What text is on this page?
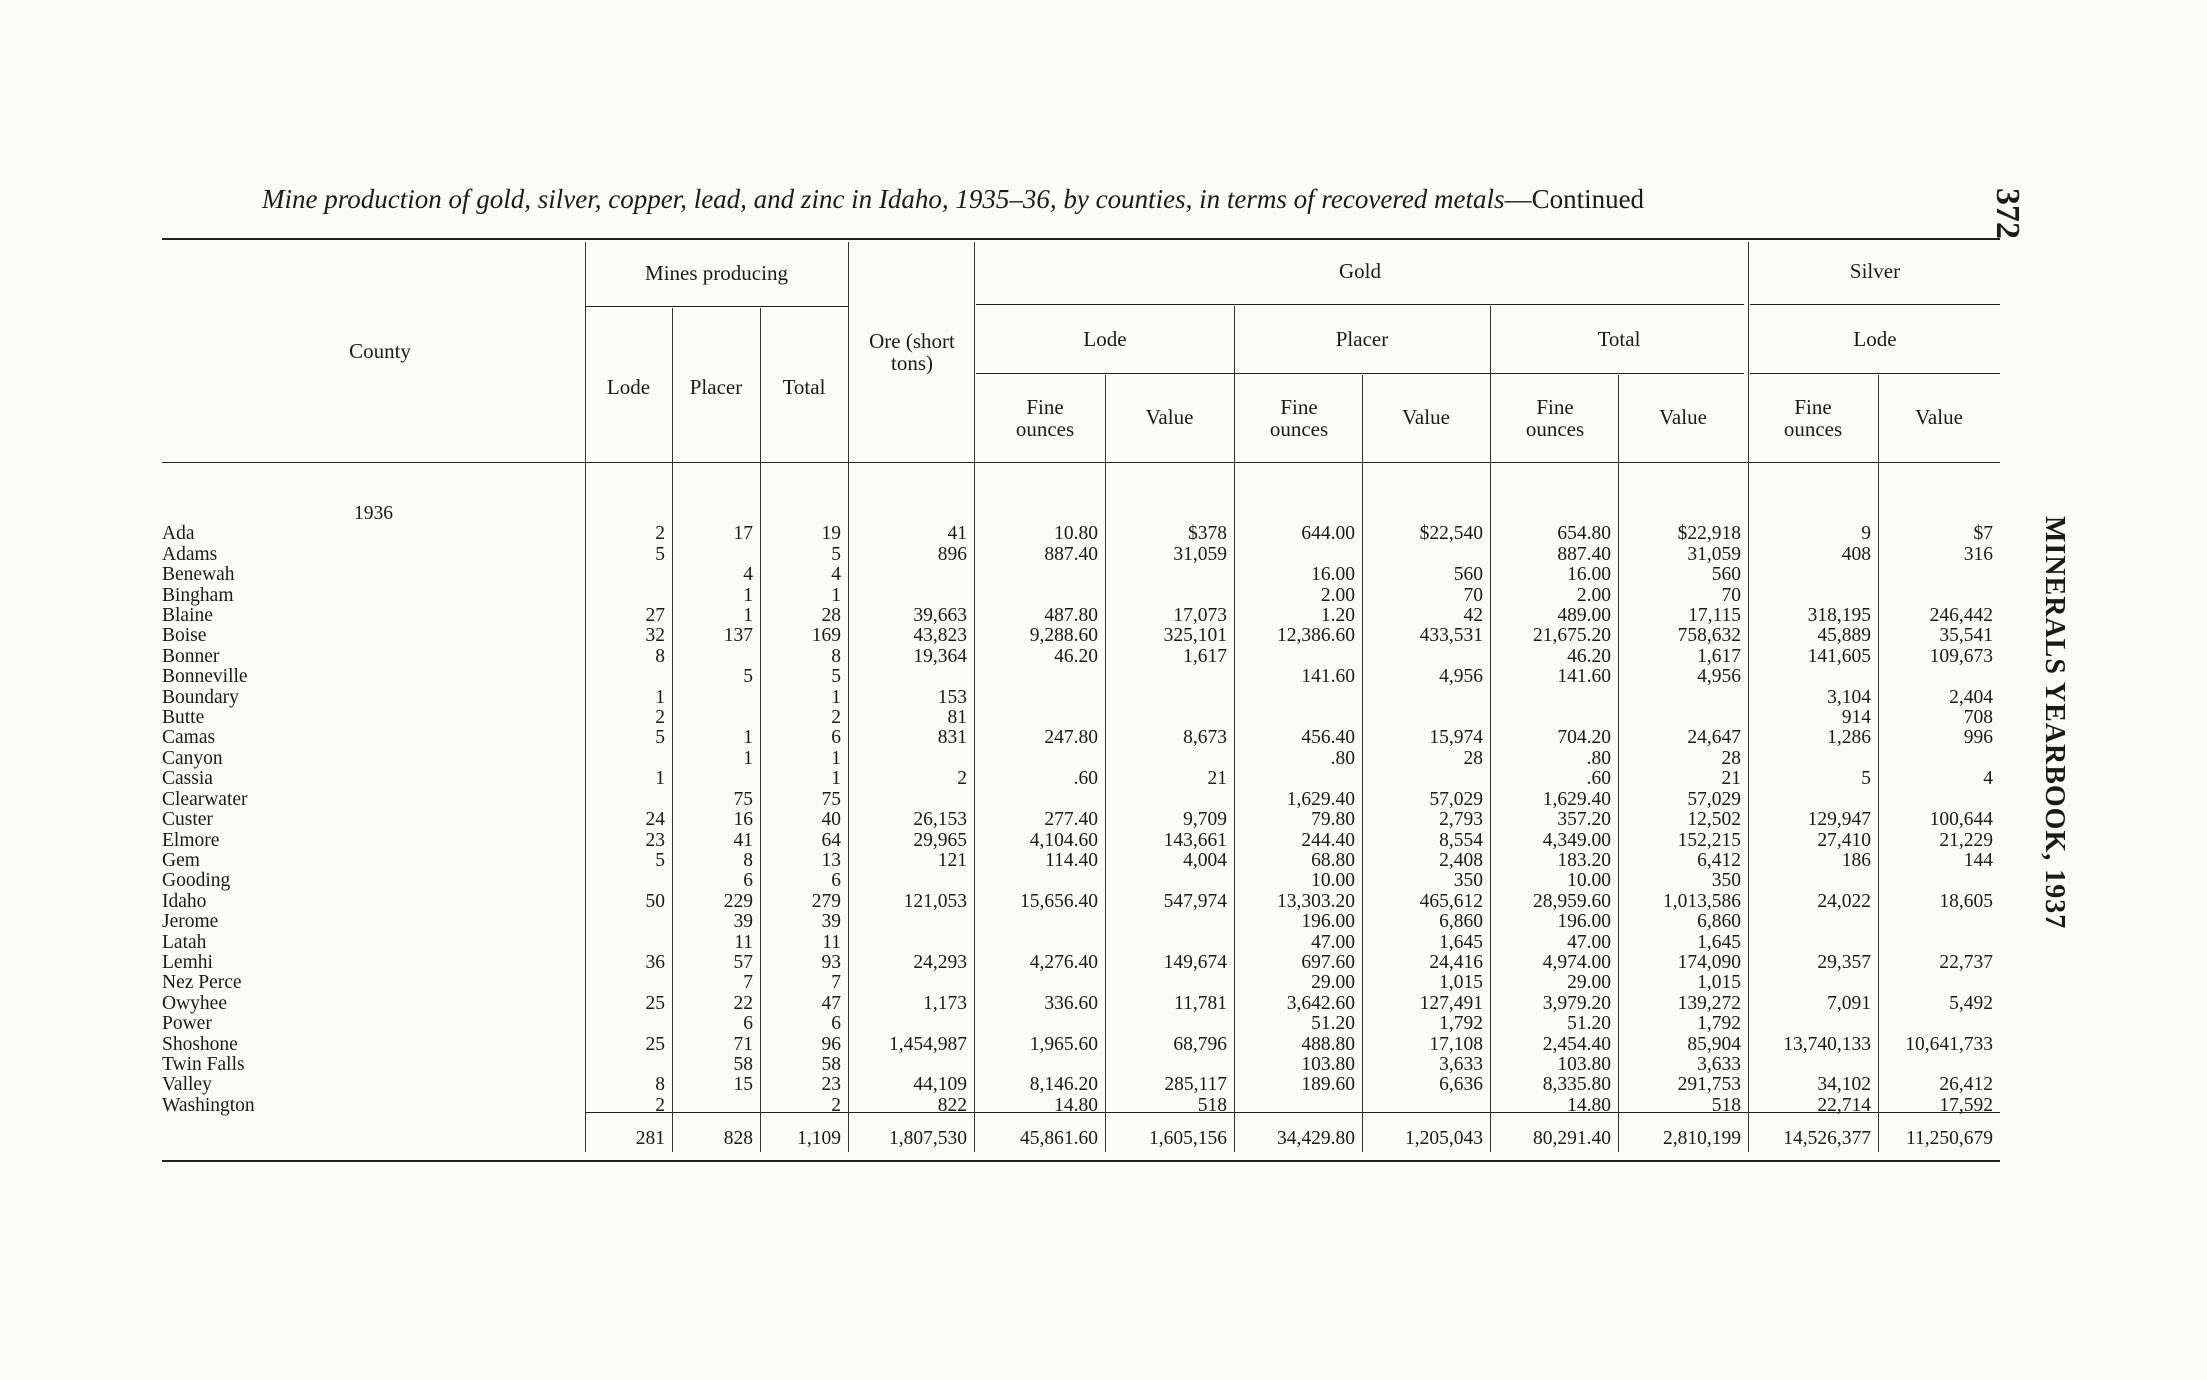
Mine production of gold, silver, copper, lead, and zinc in Idaho, 1935–36, by counties, in terms of recovered metals—Continued	372
MINERALS YEARBOOK, 1937
County
Mines producing
Lode	Placer	Total
Ore (short tons)
Gold	Silver
Lode	Placer	Total	Lode
Fine ounces	Value	Fine ounces	Value	Fine ounces	Value	Fine ounces	Value
1936												
Ada	2	17	19	41	10.80	$378	644.00	$22,540	654.80	$22,918	9	$7
Adams	5		5	896	887.40	31,059			887.40	31,059	408	316
Benewah		4	4				16.00	560	16.00	560		
Bingham		1	1				2.00	70	2.00	70		
Blaine	27	1	28	39,663	487.80	17,073	1.20	42	489.00	17,115	318,195	246,442
Boise	32	137	169	43,823	9,288.60	325,101	12,386.60	433,531	21,675.20	758,632	45,889	35,541
Bonner	8		8	19,364	46.20	1,617			46.20	1,617	141,605	109,673
Bonneville		5	5				141.60	4,956	141.60	4,956		
Boundary	1		1	153							3,104	2,404
Butte	2		2	81							914	708
Camas	5	1	6	831	247.80	8,673	456.40	15,974	704.20	24,647	1,286	996
Canyon		1	1				.80	28	.80	28		
Cassia	1		1	2	.60	21			.60	21	5	4
Clearwater		75	75				1,629.40	57,029	1,629.40	57,029		
Custer	24	16	40	26,153	277.40	9,709	79.80	2,793	357.20	12,502	129,947	100,644
Elmore	23	41	64	29,965	4,104.60	143,661	244.40	8,554	4,349.00	152,215	27,410	21,229
Gem	5	8	13	121	114.40	4,004	68.80	2,408	183.20	6,412	186	144
Gooding		6	6				10.00	350	10.00	350		
Idaho	50	229	279	121,053	15,656.40	547,974	13,303.20	465,612	28,959.60	1,013,586	24,022	18,605
Jerome		39	39				196.00	6,860	196.00	6,860		
Latah		11	11				47.00	1,645	47.00	1,645		
Lemhi	36	57	93	24,293	4,276.40	149,674	697.60	24,416	4,974.00	174,090	29,357	22,737
Nez Perce		7	7				29.00	1,015	29.00	1,015		
Owyhee	25	22	47	1,173	336.60	11,781	3,642.60	127,491	3,979.20	139,272	7,091	5,492
Power		6	6				51.20	1,792	51.20	1,792		
Shoshone	25	71	96	1,454,987	1,965.60	68,796	488.80	17,108	2,454.40	85,904	13,740,133	10,641,733
Twin Falls		58	58				103.80	3,633	103.80	3,633		
Valley	8	15	23	44,109	8,146.20	285,117	189.60	6,636	8,335.80	291,753	34,102	26,412
Washington	2		2	822	14.80	518			14.80	518	22,714	17,592
	281	828	1,109	1,807,530	45,861.60	1,605,156	34,429.80	1,205,043	80,291.40	2,810,199	14,526,377	11,250,679
